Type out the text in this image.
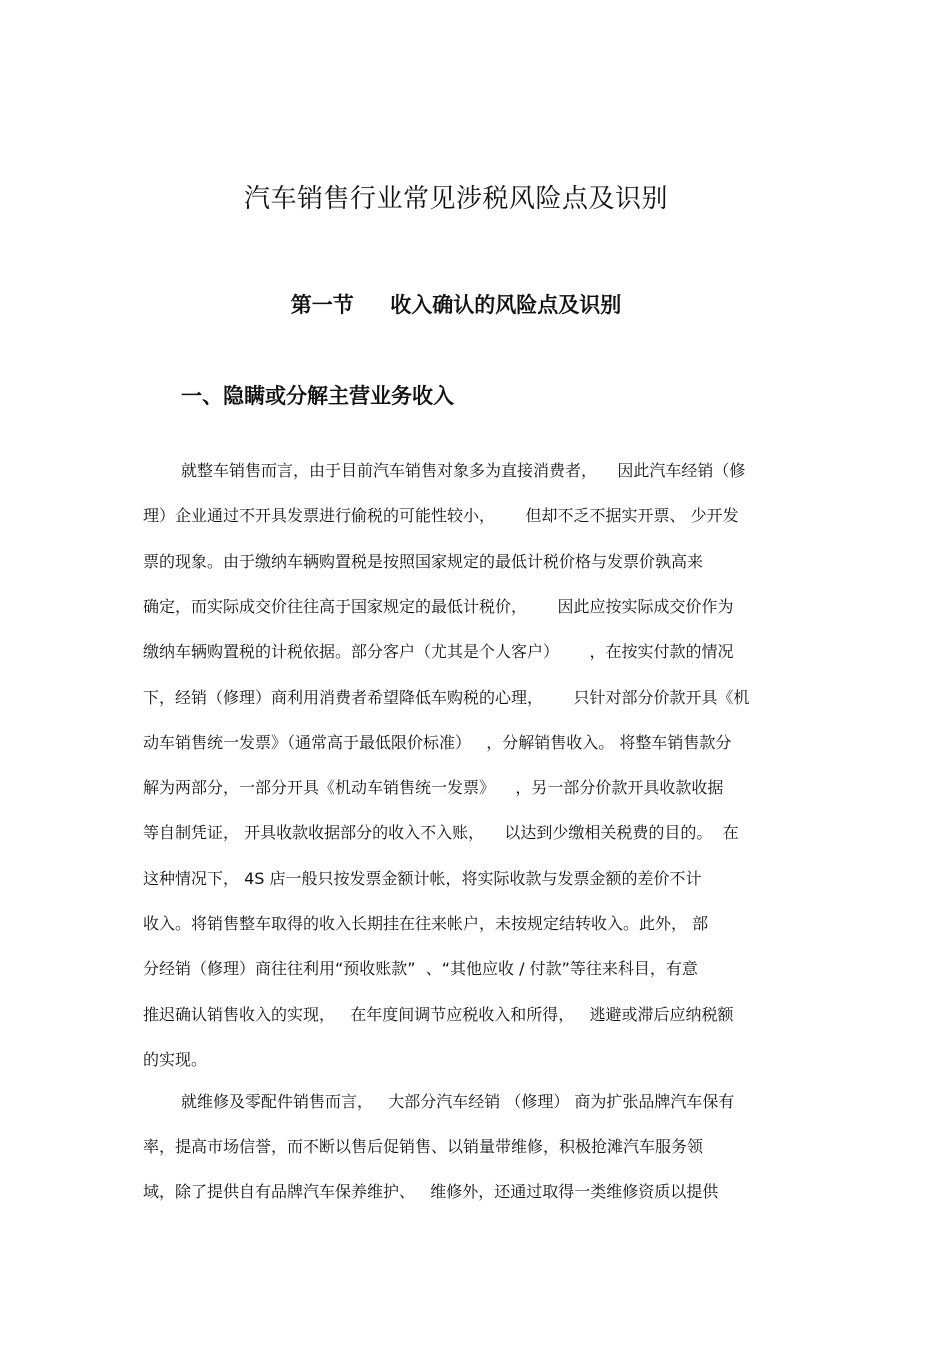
汽车销售行业常见涉税风险点及识别
第一节     收入确认的风险点及识别
一、隐瞒或分解主营业务收入
就整车销售而言，由于目前汽车销售对象多为直接消费者，    因此汽车经销（修
理）企业通过不开具发票进行偷税的可能性较小，      但却不乏不据实开票、 少开发
票的现象。由于缴纳车辆购置税是按照国家规定的最低计税价格与发票价孰高来
确定，而实际成交价往往高于国家规定的最低计税价，      因此应按实际成交价作为
缴纳车辆购置税的计税依据。部分客户（尤其是个人客户）      ，在按实付款的情况
下，经销（修理）商利用消费者希望降低车购税的心理，      只针对部分价款开具《机
动车销售统一发票》（通常高于最低限价标准）   ，分解销售收入。 将整车销售款分
解为两部分，一部分开具《机动车销售统一发票》    ，另一部分价款开具收款收据
等自制凭证， 开具收款收据部分的收入不入账，    以达到少缴相关税费的目的。  在
这种情况下， 4S 店一般只按发票金额计帐，将实际收款与发票金额的差价不计
收入。将销售整车取得的收入长期挂在往来帐户，未按规定结转收入。此外， 部
分经销（修理）商往往利用“预收账款”  、“其他应收 / 付款”等往来科目，有意
推迟确认销售收入的实现，   在年度间调节应税收入和所得，   逃避或滞后应纳税额
的实现。
就维修及零配件销售而言，   大部分汽车经销 （修理） 商为扩张品牌汽车保有
率，提高市场信誉，而不断以售后促销售、以销量带维修，积极抢滩汽车服务领
域，除了提供自有品牌汽车保养维护、   维修外，还通过取得一类维修资质以提供
